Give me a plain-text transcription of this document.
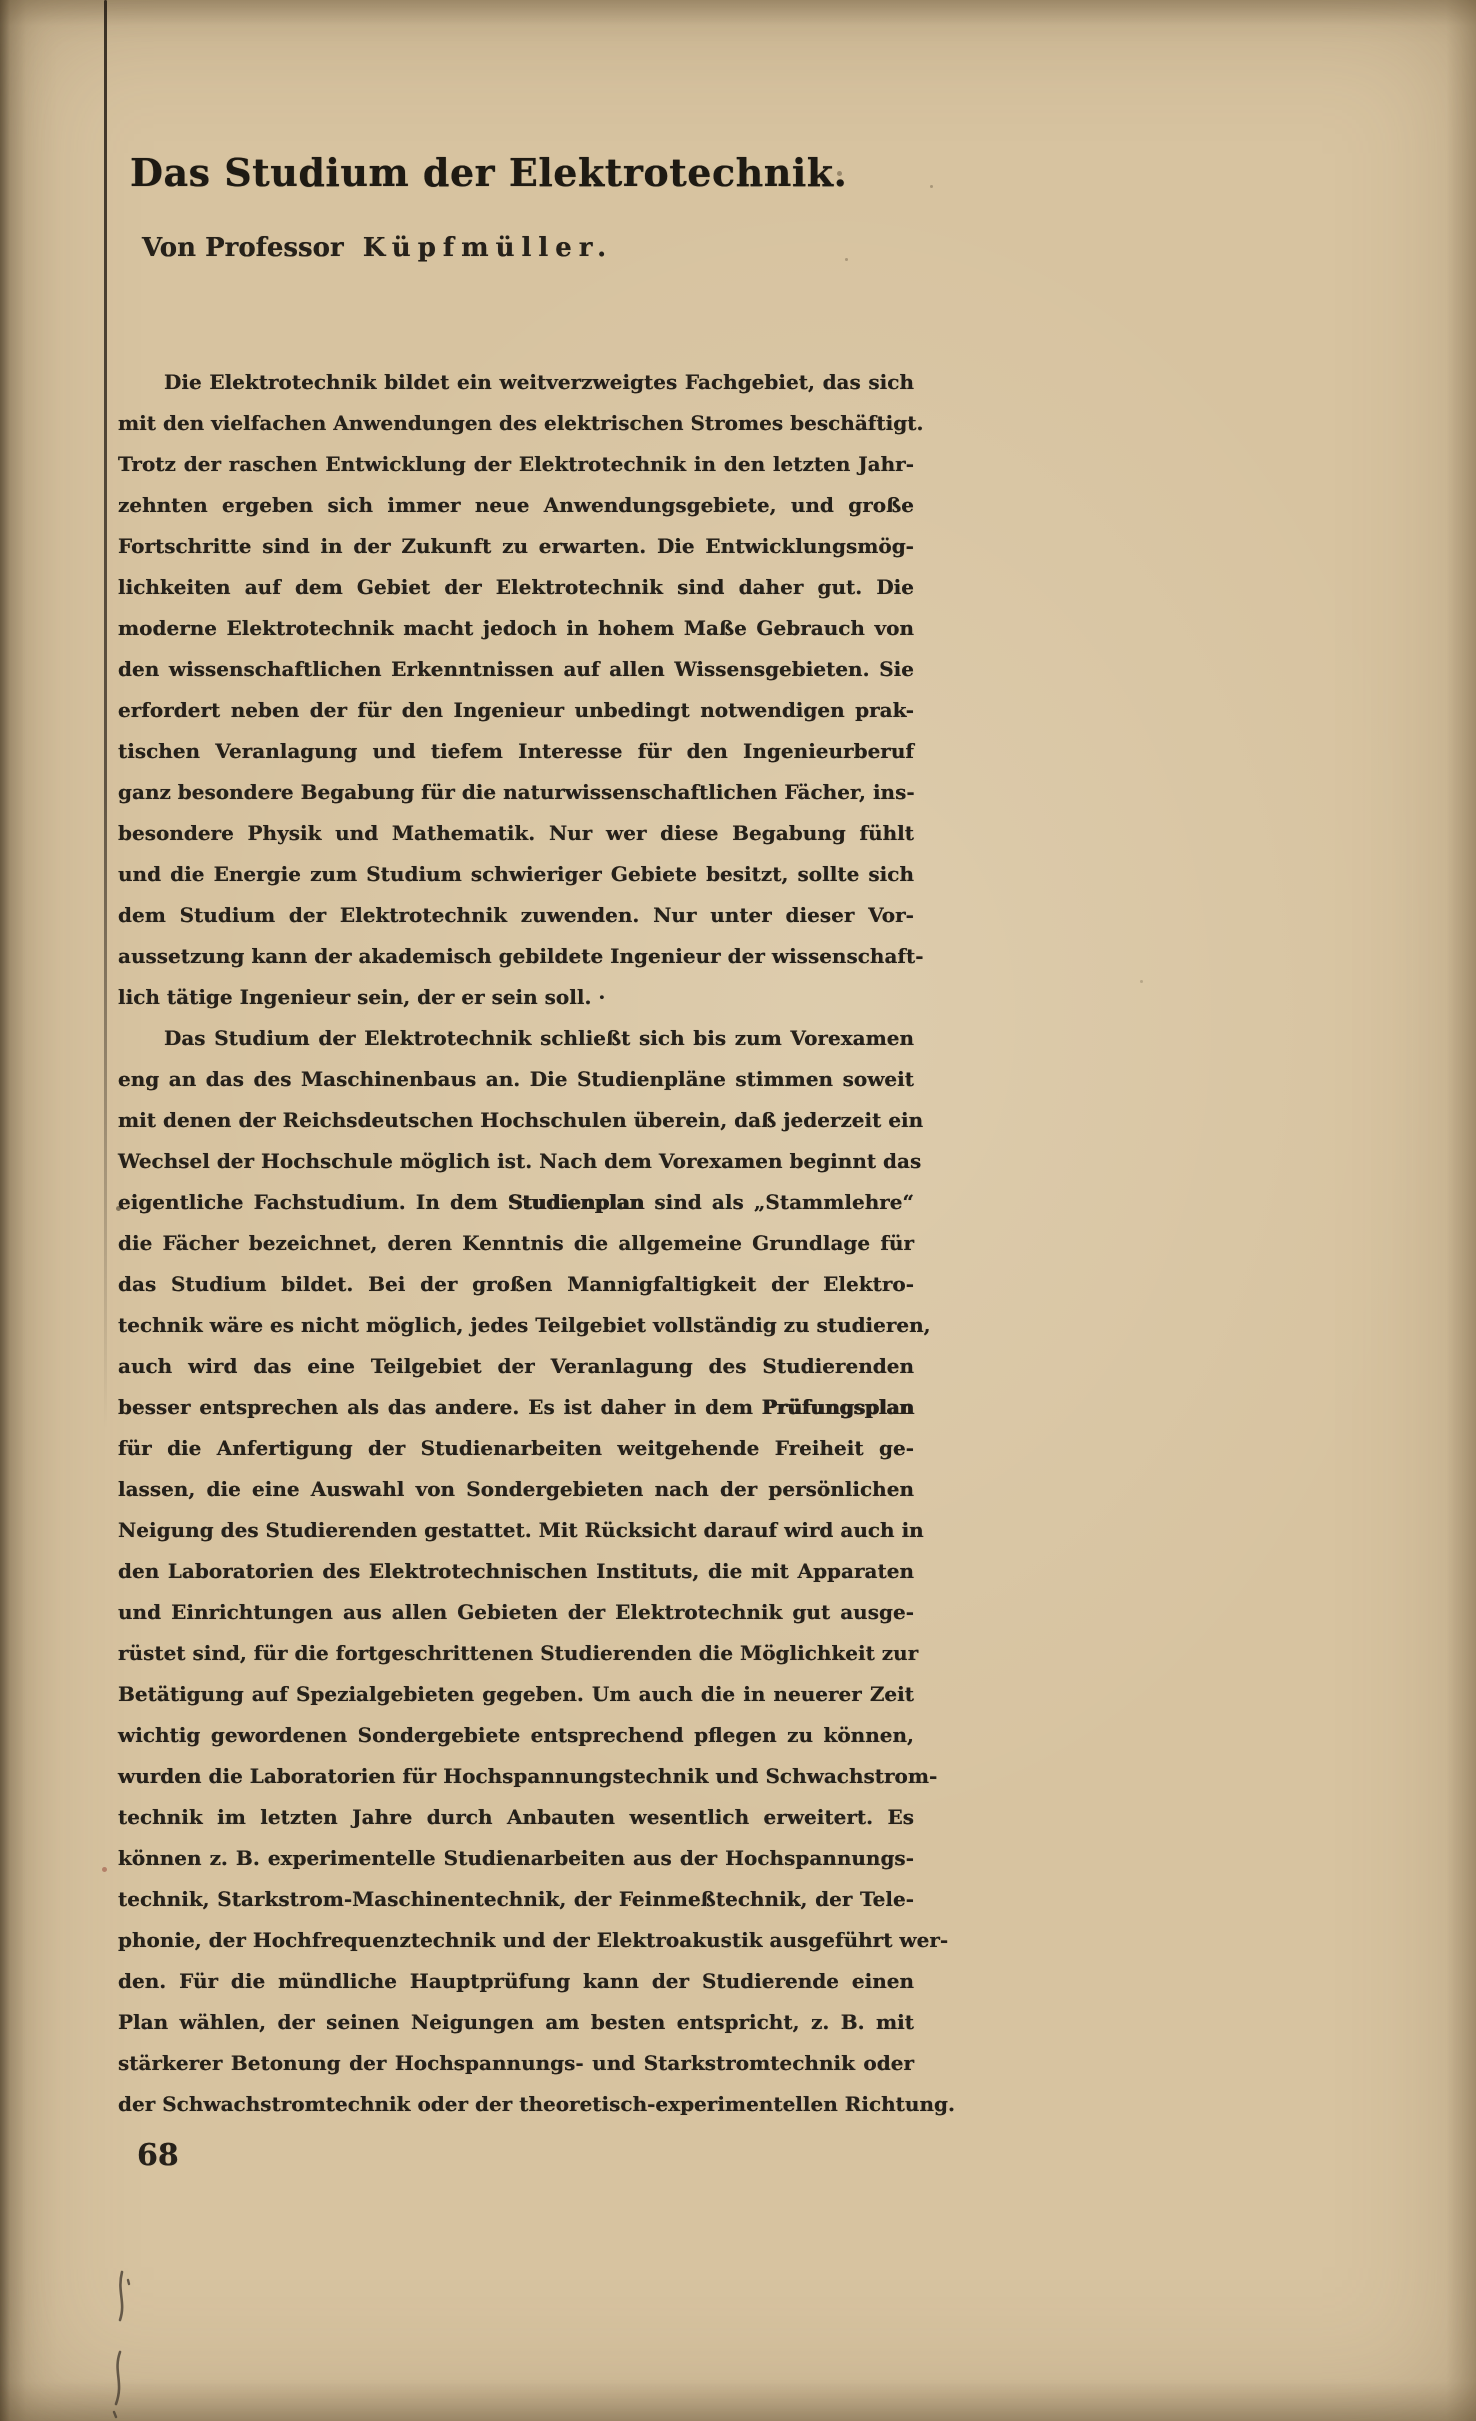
Das Studium der Elektrotechnik.
Von Professor Küpfmüller.
Die Elektrotechnik bildet ein weitverzweigtes Fachgebiet, das sich
mit den vielfachen Anwendungen des elektrischen Stromes beschäftigt.
Trotz der raschen Entwicklung der Elektrotechnik in den letzten Jahr-
zehnten ergeben sich immer neue Anwendungsgebiete, und große
Fortschritte sind in der Zukunft zu erwarten. Die Entwicklungsmög-
lichkeiten auf dem Gebiet der Elektrotechnik sind daher gut. Die
moderne Elektrotechnik macht jedoch in hohem Maße Gebrauch von
den wissenschaftlichen Erkenntnissen auf allen Wissensgebieten. Sie
erfordert neben der für den Ingenieur unbedingt notwendigen prak-
tischen Veranlagung und tiefem Interesse für den Ingenieurberuf
ganz besondere Begabung für die naturwissenschaftlichen Fächer, ins-
besondere Physik und Mathematik. Nur wer diese Begabung fühlt
und die Energie zum Studium schwieriger Gebiete besitzt, sollte sich
dem Studium der Elektrotechnik zuwenden. Nur unter dieser Vor-
aussetzung kann der akademisch gebildete Ingenieur der wissenschaft-
lich tätige Ingenieur sein, der er sein soll. ·
Das Studium der Elektrotechnik schließt sich bis zum Vorexamen
eng an das des Maschinenbaus an. Die Studienpläne stimmen soweit
mit denen der Reichsdeutschen Hochschulen überein, daß jederzeit ein
Wechsel der Hochschule möglich ist. Nach dem Vorexamen beginnt das
eigentliche Fachstudium. In dem Studienplan sind als „Stammlehre“
die Fächer bezeichnet, deren Kenntnis die allgemeine Grundlage für
das Studium bildet. Bei der großen Mannigfaltigkeit der Elektro-
technik wäre es nicht möglich, jedes Teilgebiet vollständig zu studieren,
auch wird das eine Teilgebiet der Veranlagung des Studierenden
besser entsprechen als das andere. Es ist daher in dem Prüfungsplan
für die Anfertigung der Studienarbeiten weitgehende Freiheit ge-
lassen, die eine Auswahl von Sondergebieten nach der persönlichen
Neigung des Studierenden gestattet. Mit Rücksicht darauf wird auch in
den Laboratorien des Elektrotechnischen Instituts, die mit Apparaten
und Einrichtungen aus allen Gebieten der Elektrotechnik gut ausge-
rüstet sind, für die fortgeschrittenen Studierenden die Möglichkeit zur
Betätigung auf Spezialgebieten gegeben. Um auch die in neuerer Zeit
wichtig gewordenen Sondergebiete entsprechend pflegen zu können,
wurden die Laboratorien für Hochspannungstechnik und Schwachstrom-
technik im letzten Jahre durch Anbauten wesentlich erweitert. Es
können z. B. experimentelle Studienarbeiten aus der Hochspannungs-
technik, Starkstrom-Maschinentechnik, der Feinmeßtechnik, der Tele-
phonie, der Hochfrequenztechnik und der Elektroakustik ausgeführt wer-
den. Für die mündliche Hauptprüfung kann der Studierende einen
Plan wählen, der seinen Neigungen am besten entspricht, z. B. mit
stärkerer Betonung der Hochspannungs- und Starkstromtechnik oder
der Schwachstromtechnik oder der theoretisch-experimentellen Richtung.
68
